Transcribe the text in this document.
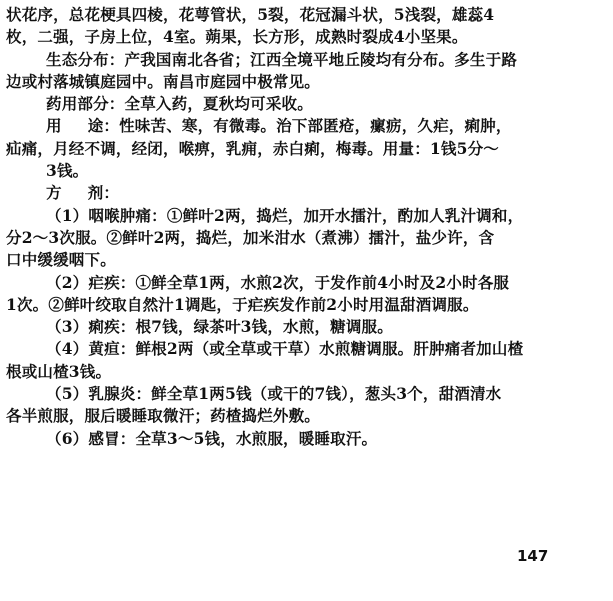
状花序，总花梗具四棱，花萼管状，5裂，花冠漏斗状，5浅裂，雄蕊4
枚，二强，子房上位，4室。蒴果，长方形，成熟时裂成4小坚果。
生态分布：产我国南北各省；江西全境平地丘陵均有分布。多生于路
边或村落城镇庭园中。南昌市庭园中极常见。
药用部分：全草入药，夏秋均可采收。
用 途：性味苦、寒，有微毒。治下部匿疮，瘰疬，久疟，痢肿，
疝痛，月经不调，经闭，喉痹，乳痈，赤白痢，梅毒。用量：1钱5分～
3钱。
方 剂：
（1）咽喉肿痛：①鲜叶2两，捣烂，加开水擂汁，酌加人乳汁调和，
分2～3次服。②鲜叶2两，捣烂，加米泔水（煮沸）擂汁，盐少许，含
口中缓缓咽下。
（2）疟疾：①鲜全草1两，水煎2次，于发作前4小时及2小时各服
1次。②鲜叶绞取自然汁1调匙，于疟疾发作前2小时用温甜酒调服。
（3）痢疾：根7钱，绿茶叶3钱，水煎，糖调服。
（4）黄疸：鲜根2两（或全草或干草）水煎糖调服。肝肿痛者加山楂
根或山楂3钱。
（5）乳腺炎：鲜全草1两5钱（或干的7钱），葱头3个，甜酒清水
各半煎服，服后暖睡取微汗；药楂捣烂外敷。
（6）感冒：全草3～5钱，水煎服，暖睡取汗。
147
